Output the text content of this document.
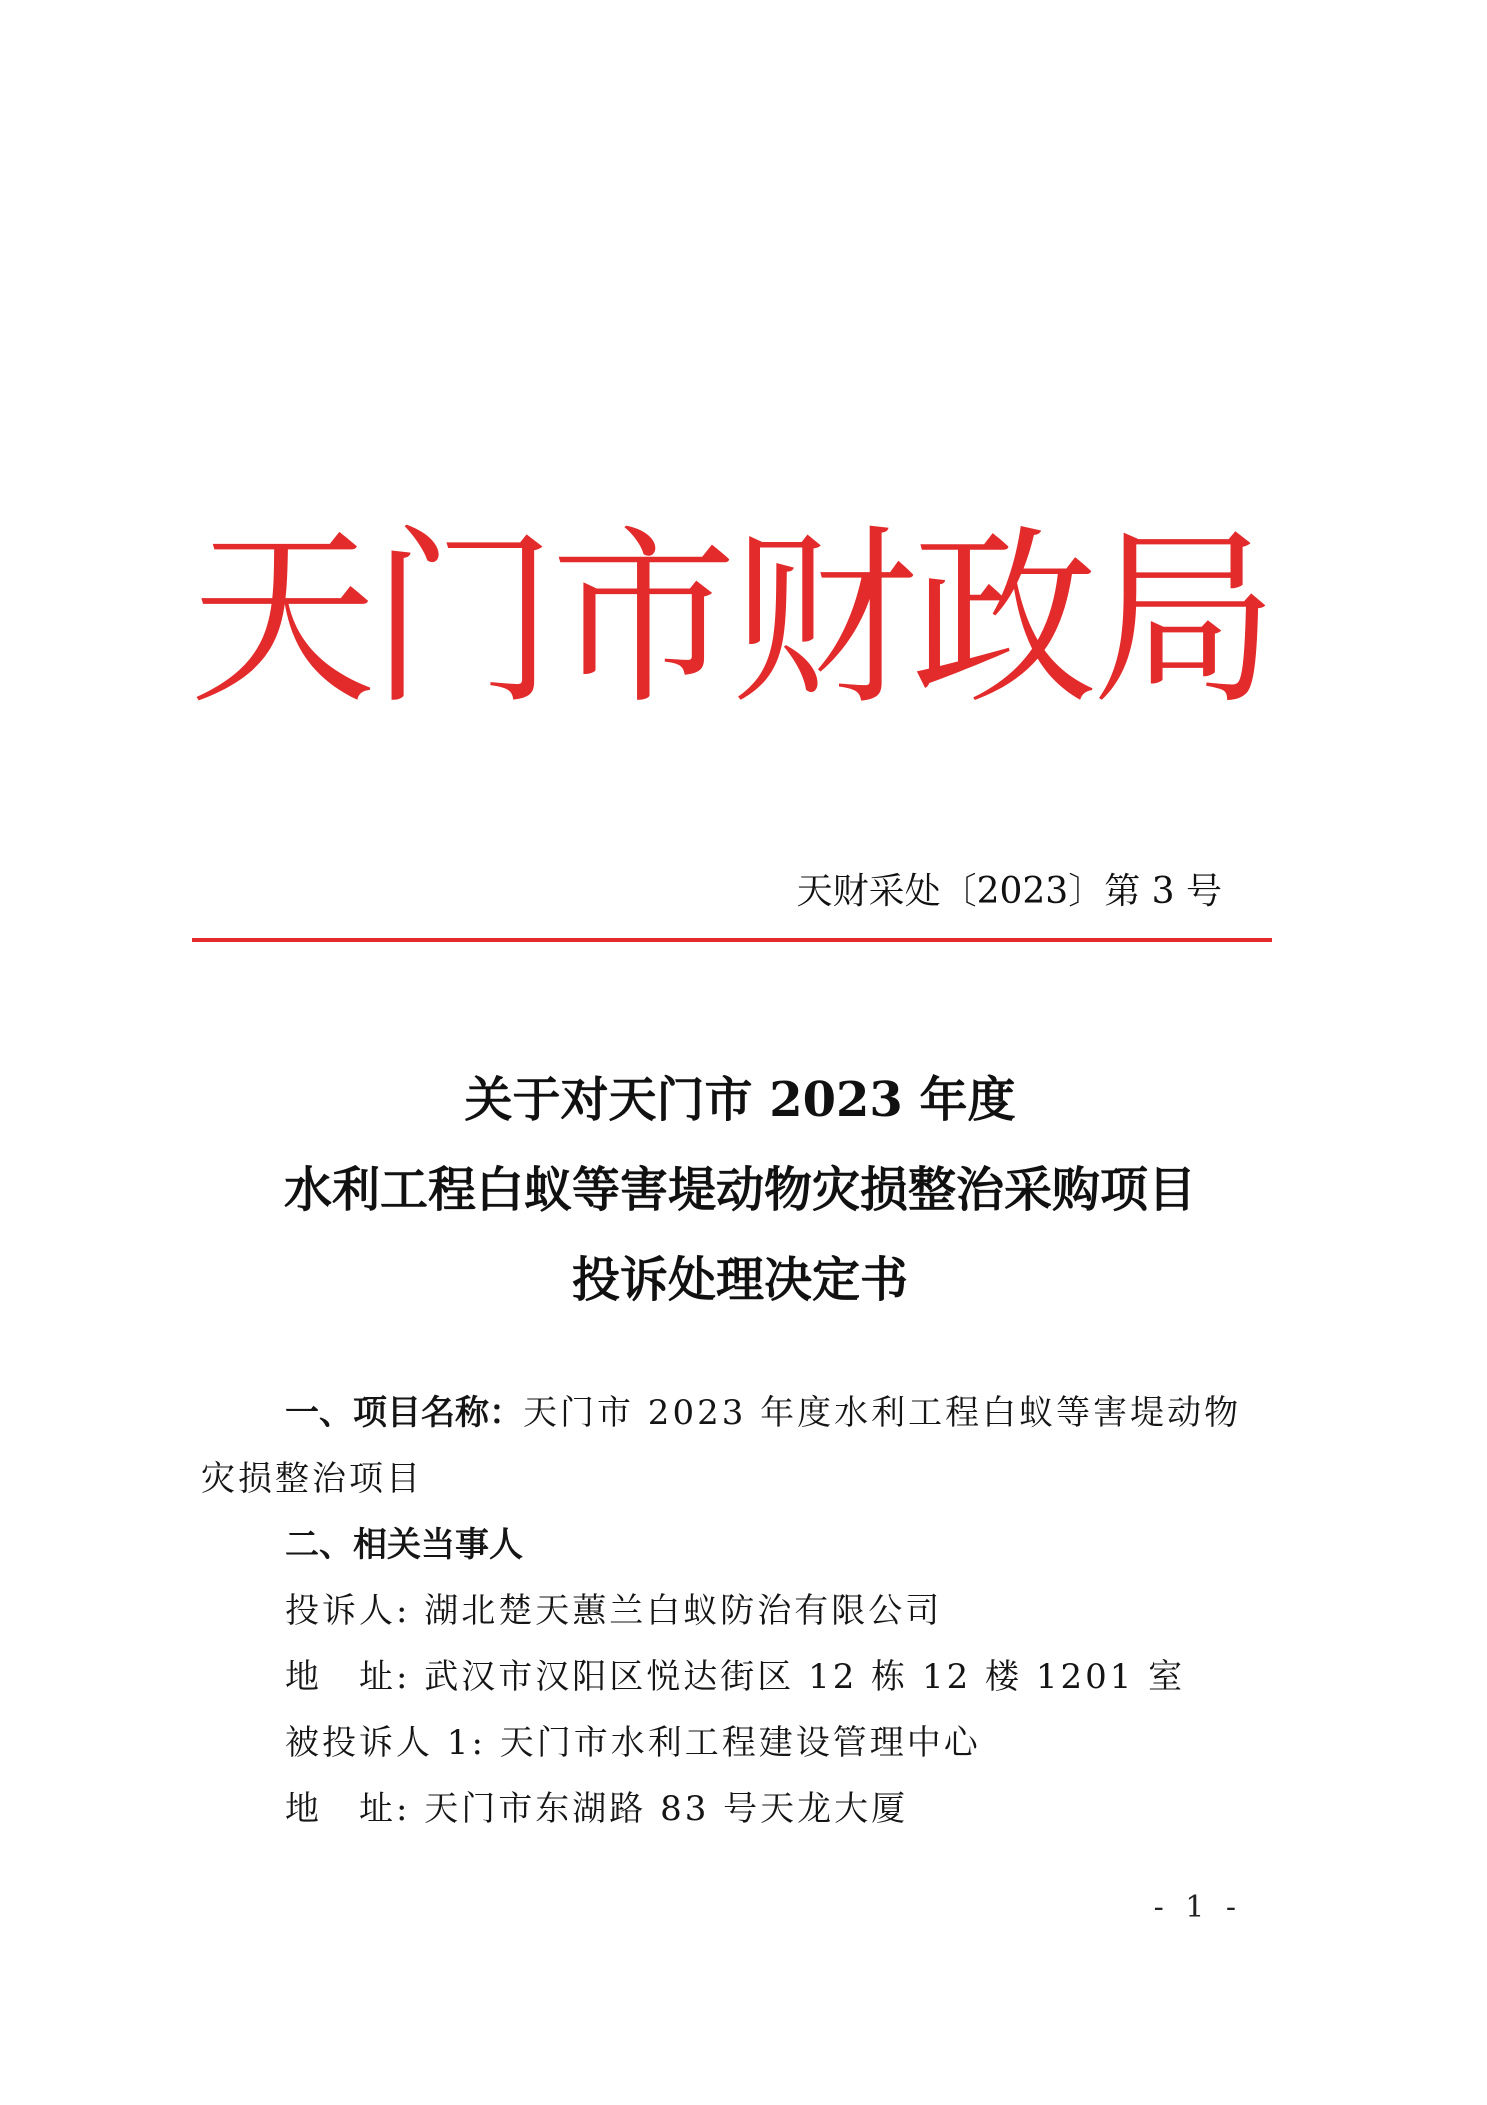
天门市财政局
天财采处〔2023〕第 3 号
关于对天门市 2023 年度
水利工程白蚁等害堤动物灾损整治采购项目
投诉处理决定书

一、项目名称：天门市 2023 年度水利工程白蚁等害堤动物

灾损整治项目

二、相关当事人

投诉人: 湖北楚天蕙兰白蚁防治有限公司

地　址: 武汉市汉阳区悦达街区 12 栋 12 楼 1201 室

被投诉人 1: 天门市水利工程建设管理中心

地　址: 天门市东湖路 83 号天龙大厦

- 1 -
